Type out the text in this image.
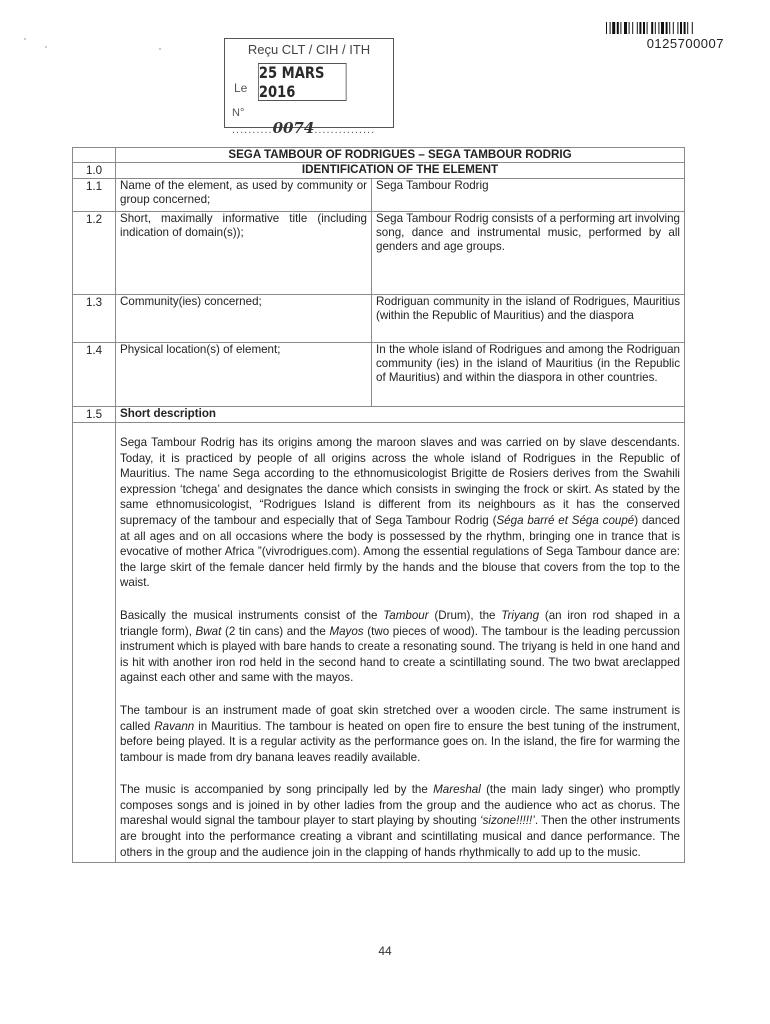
0125700007
Reçu CLT / CIH / ITH
Le
25 MARS 2016
N° ..........0074...............
	SEGA TAMBOUR OF RODRIGUES – SEGA TAMBOUR RODRIG	
1.0	IDENTIFICATION OF THE ELEMENT	
1.1	Name of the element, as used by community or group concerned;	Sega Tambour Rodrig
1.2	Short, maximally informative title (including indication of domain(s));	Sega Tambour Rodrig consists of a performing art involving song, dance and instrumental music, performed by all genders and age groups.
1.3	Community(ies) concerned;	Rodriguan community in the island of Rodrigues, Mauritius (within the Republic of Mauritius) and the diaspora
1.4	Physical location(s) of element;	In the whole island of Rodrigues and among the Rodriguan community (ies) in the island of Mauritius (in the Republic of Mauritius) and within the diaspora in other countries.
1.5	Short description	

	Sega Tambour Rodrig has its origins among the maroon slaves and was carried on by slave descendants. Today, it is practiced by people of all origins across the whole island of Rodrigues in the Republic of Mauritius. The name Sega according to the ethnomusicologist Brigitte de Rosiers derives from the Swahili expression ‘tchega’ and designates the dance which consists in swinging the frock or skirt. As stated by the same ethnomusicologist, “Rodrigues Island is different from its neighbours as it has the conserved supremacy of the tambour and especially that of Sega Tambour Rodrig (Séga barré et Séga coupé) danced at all ages and on all occasions where the body is possessed by the rhythm, bringing one in trance that is evocative of mother Africa ”(vivrodrigues.com). Among the essential regulations of Sega Tambour dance are: the large skirt of the female dancer held firmly by the hands and the blouse that covers from the top to the waist.

Basically the musical instruments consist of the Tambour (Drum), the Triyang (an iron rod shaped in a triangle form), Bwat (2 tin cans) and the Mayos (two pieces of wood). The tambour is the leading percussion instrument which is played with bare hands to create a resonating sound. The triyang is held in one hand and is hit with another iron rod held in the second hand to create a scintillating sound. The two bwat areclapped against each other and same with the mayos.

The tambour is an instrument made of goat skin stretched over a wooden circle. The same instrument is called Ravann in Mauritius. The tambour is heated on open fire to ensure the best tuning of the instrument, before being played. It is a regular activity as the performance goes on. In the island, the fire for warming the tambour is made from dry banana leaves readily available.

The music is accompanied by song principally led by the Mareshal (the main lady singer) who promptly composes songs and is joined in by other ladies from the group and the audience who act as chorus. The mareshal would signal the tambour player to start playing by shouting ‘sizone!!!!!’. Then the other instruments are brought into the performance creating a vibrant and scintillating musical and dance performance. The others in the group and the audience join in the clapping of hands rhythmically to add up to the music.	

44
